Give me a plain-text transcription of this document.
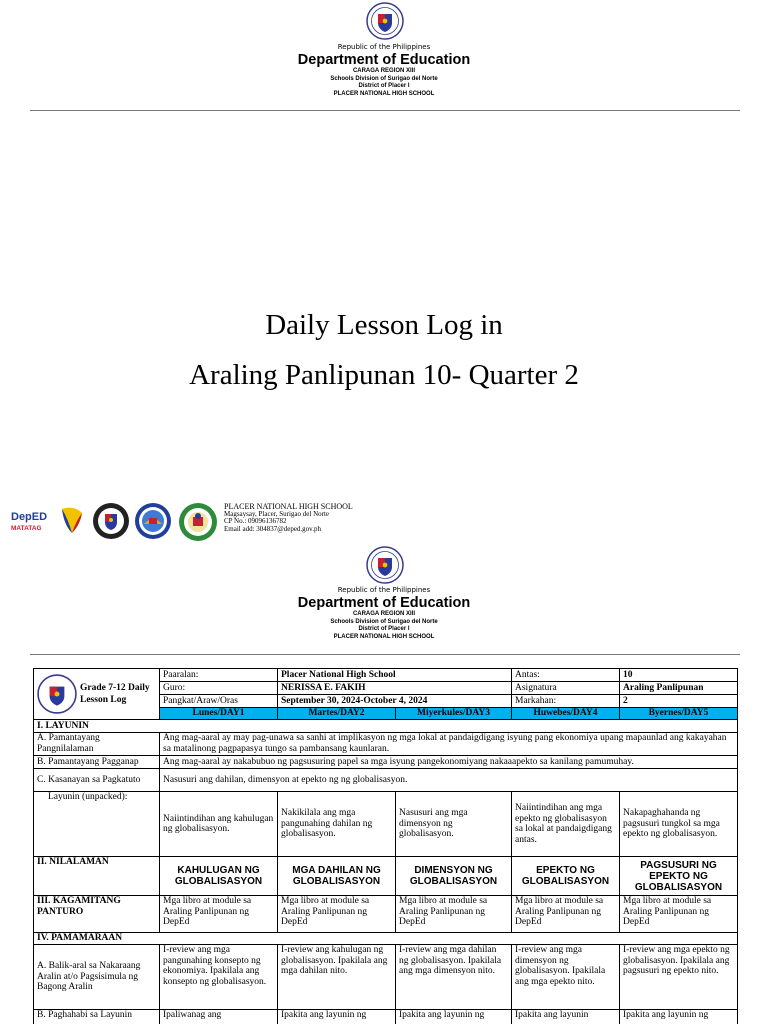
Republic of the Philippines
Department of Education
CARAGA REGION XIII
Schools Division of Surigao del Norte
District of Placer I
PLACER NATIONAL HIGH SCHOOL
Daily Lesson Log in
Araling Panlipunan 10- Quarter 2
DepED
MATATAG
PLACER NATIONAL HIGH SCHOOL
Magsaysay, Placer, Surigao del Norte
CP No.: 09096136782
Email add: 304837@deped.gov.ph
Republic of the Philippines
Department of Education
CARAGA REGION XIII
Schools Division of Surigao del Norte
District of Placer I
PLACER NATIONAL HIGH SCHOOL
Grade 7-12 Daily Lesson Log	Paaralan:	Placer National High School		Antas:	10
	Guro:	NERISSA E. FAKIH		Asignatura	Araling Panlipunan
	Pangkat/Araw/Oras	September 30, 2024-October 4, 2024		Markahan:	2
	Lunes/DAY1	Martes/DAY2	Miyerkules/DAY3	Huwebes/DAY4	Byernes/DAY5
I. LAYUNIN					
A. Pamantayang Pangnilalaman	Ang mag-aaral ay may pag-unawa sa sanhi at implikasyon ng mga lokal at pandaigdigang isyung pang ekonomiya upang mapaunlad ang kakayahan sa matalinong pagpapasya tungo sa pambansang kaunlaran.				
B. Pamantayang Pagganap	Ang mag-aaral ay nakabubuo ng pagsusuring papel sa mga isyung pangekonomiyang nakaaapekto sa kanilang pamumuhay.				
C. Kasanayan sa Pagkatuto	Nasusuri ang dahilan, dimensyon at epekto ng ng globalisasyon.				
Layunin (unpacked):	Naiintindihan ang kahulugan ng globalisasyon.	Nakikilala ang mga pangunahing dahilan ng globalisasyon.	Nasusuri ang mga dimensyon ng globalisasyon.	Naiintindihan ang mga epekto ng globalisasyon sa lokal at pandaigdigang antas.	Nakapaghahanda ng pagsusuri tungkol sa mga epekto ng globalisasyon.
II. NILALAMAN	KAHULUGAN NG GLOBALISASYON	MGA DAHILAN NG GLOBALISASYON	DIMENSYON NG GLOBALISASYON	EPEKTO NG GLOBALISASYON	PAGSUSURI NG EPEKTO NG GLOBALISASYON
III. KAGAMITANG PANTURO	Mga libro at module sa Araling Panlipunan ng DepEd	Mga libro at module sa Araling Panlipunan ng DepEd	Mga libro at module sa Araling Panlipunan ng DepEd	Mga libro at module sa Araling Panlipunan ng DepEd	Mga libro at module sa Araling Panlipunan ng DepEd
IV. PAMAMARAAN					
A. Balik-aral sa Nakaraang Aralin at/o Pagsisimula ng Bagong Aralin	I-review ang mga pangunahing konsepto ng ekonomiya. Ipakilala ang konsepto ng globalisasyon.	I-review ang kahulugan ng globalisasyon. Ipakilala ang mga dahilan nito.	I-review ang mga dahilan ng globalisasyon. Ipakilala ang mga dimensyon nito.	I-review ang mga dimensyon ng globalisasyon. Ipakilala ang mga epekto nito.	I-review ang mga epekto ng globalisasyon. Ipakilala ang pagsusuri ng epekto nito.
B. Paghahabi sa Layunin	Ipaliwanag ang	Ipakita ang layunin ng	Ipakita ang layunin ng	Ipakita ang layunin	Ipakita ang layunin ng
